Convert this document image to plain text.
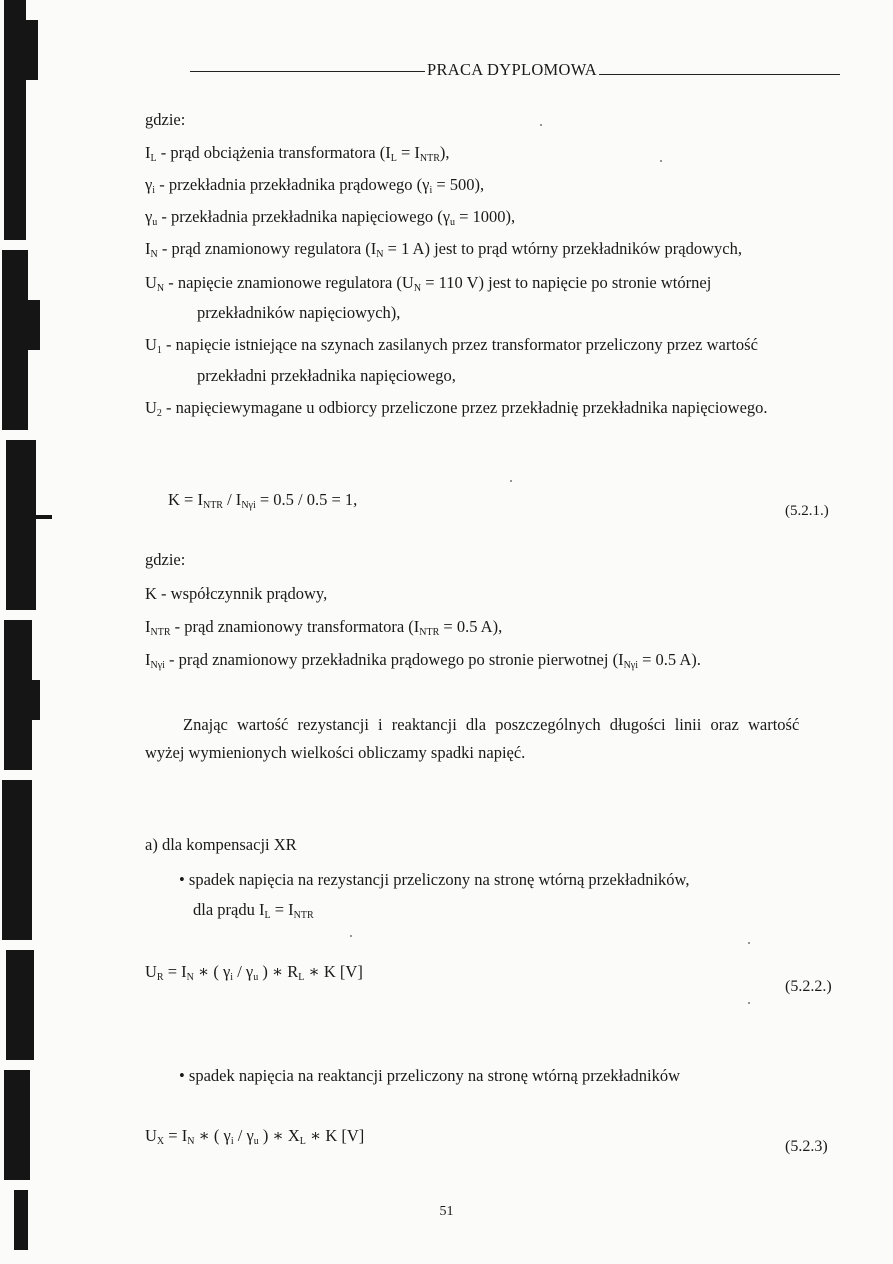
PRACA DYPLOMOWA
gdzie:
$I_L$ - prąd obciążenia transformatora $(I_L = I_{NTR})$,
$\gamma_i$ - przekładnia przekładnika prądowego $(\gamma_i = 500)$,
$\gamma_u$ - przekładnia przekładnika napięciowego $(\gamma_u = 1000)$,
$I_N$ - prąd znamionowy regulatora ($I_N = 1$ A) jest to prąd wtórny przekładników prądowych,
$U_N$ - napięcie znamionowe regulatora ($U_N = 110$ V) jest to napięcie po stronie wtórnej
przekładników napięciowych),
$U_1$ - napięcie istniejące na szynach zasilanych przez transformator przeliczony przez wartość
przekładni przekładnika napięciowego,
$U_2$ - napięciewymagane u odbiorcy przeliczone przez przekładnię przekładnika napięciowego.
$K = I_{NTR} / I_{N\gamma i} = 0.5 / 0.5 = 1$,
(5.2.1.)
gdzie:
K - współczynnik prądowy,
$I_{NTR}$ - prąd znamionowy transformatora ($I_{NTR} = 0.5$ A),
$I_{N\gamma i}$ - prąd znamionowy przekładnika prądowego po stronie pierwotnej ($I_{N\gamma i} = 0.5$ A).
Znając wartość rezystancji i reaktancji dla poszczególnych długości linii oraz wartość
wyżej wymienionych wielkości obliczamy spadki napięć.
a) dla kompensacji XR
• spadek napięcia na rezystancji przeliczony na stronę wtórną przekładników,
dla prądu $I_L = I_{NTR}$
$U_R = I_N$ ∗ ( $\gamma_i / \gamma_u$ ) ∗ $R_L$ ∗ K [V]
(5.2.2.)
• spadek napięcia na reaktancji przeliczony na stronę wtórną przekładników
$U_X = I_N$ ∗ ( $\gamma_i / \gamma_u$ ) ∗ $X_L$ ∗ K [V]
(5.2.3)
51
